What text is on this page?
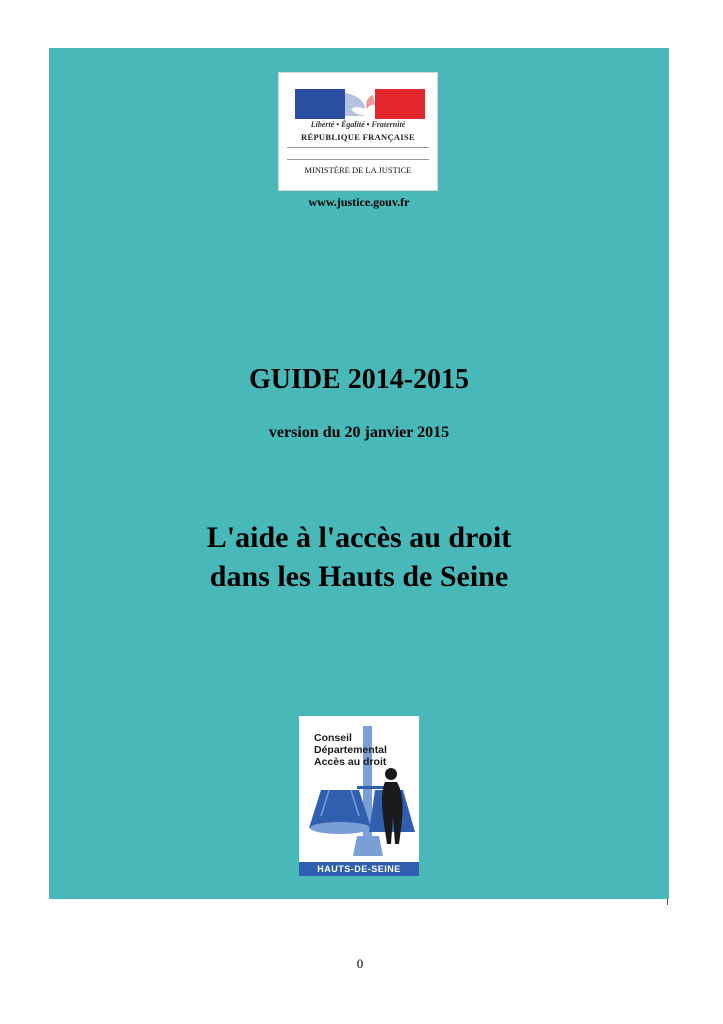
Liberté • Égalité • Fraternité
RÉPUBLIQUE FRANÇAISE
MINISTÈRE DE LA JUSTICE
www.justice.gouv.fr
GUIDE 2014-2015
version du 20 janvier 2015
L'aide à l'accès au droit
dans les Hauts de Seine
Conseil
Départemental
Accès au droit
HAUTS-DE-SEINE
0
